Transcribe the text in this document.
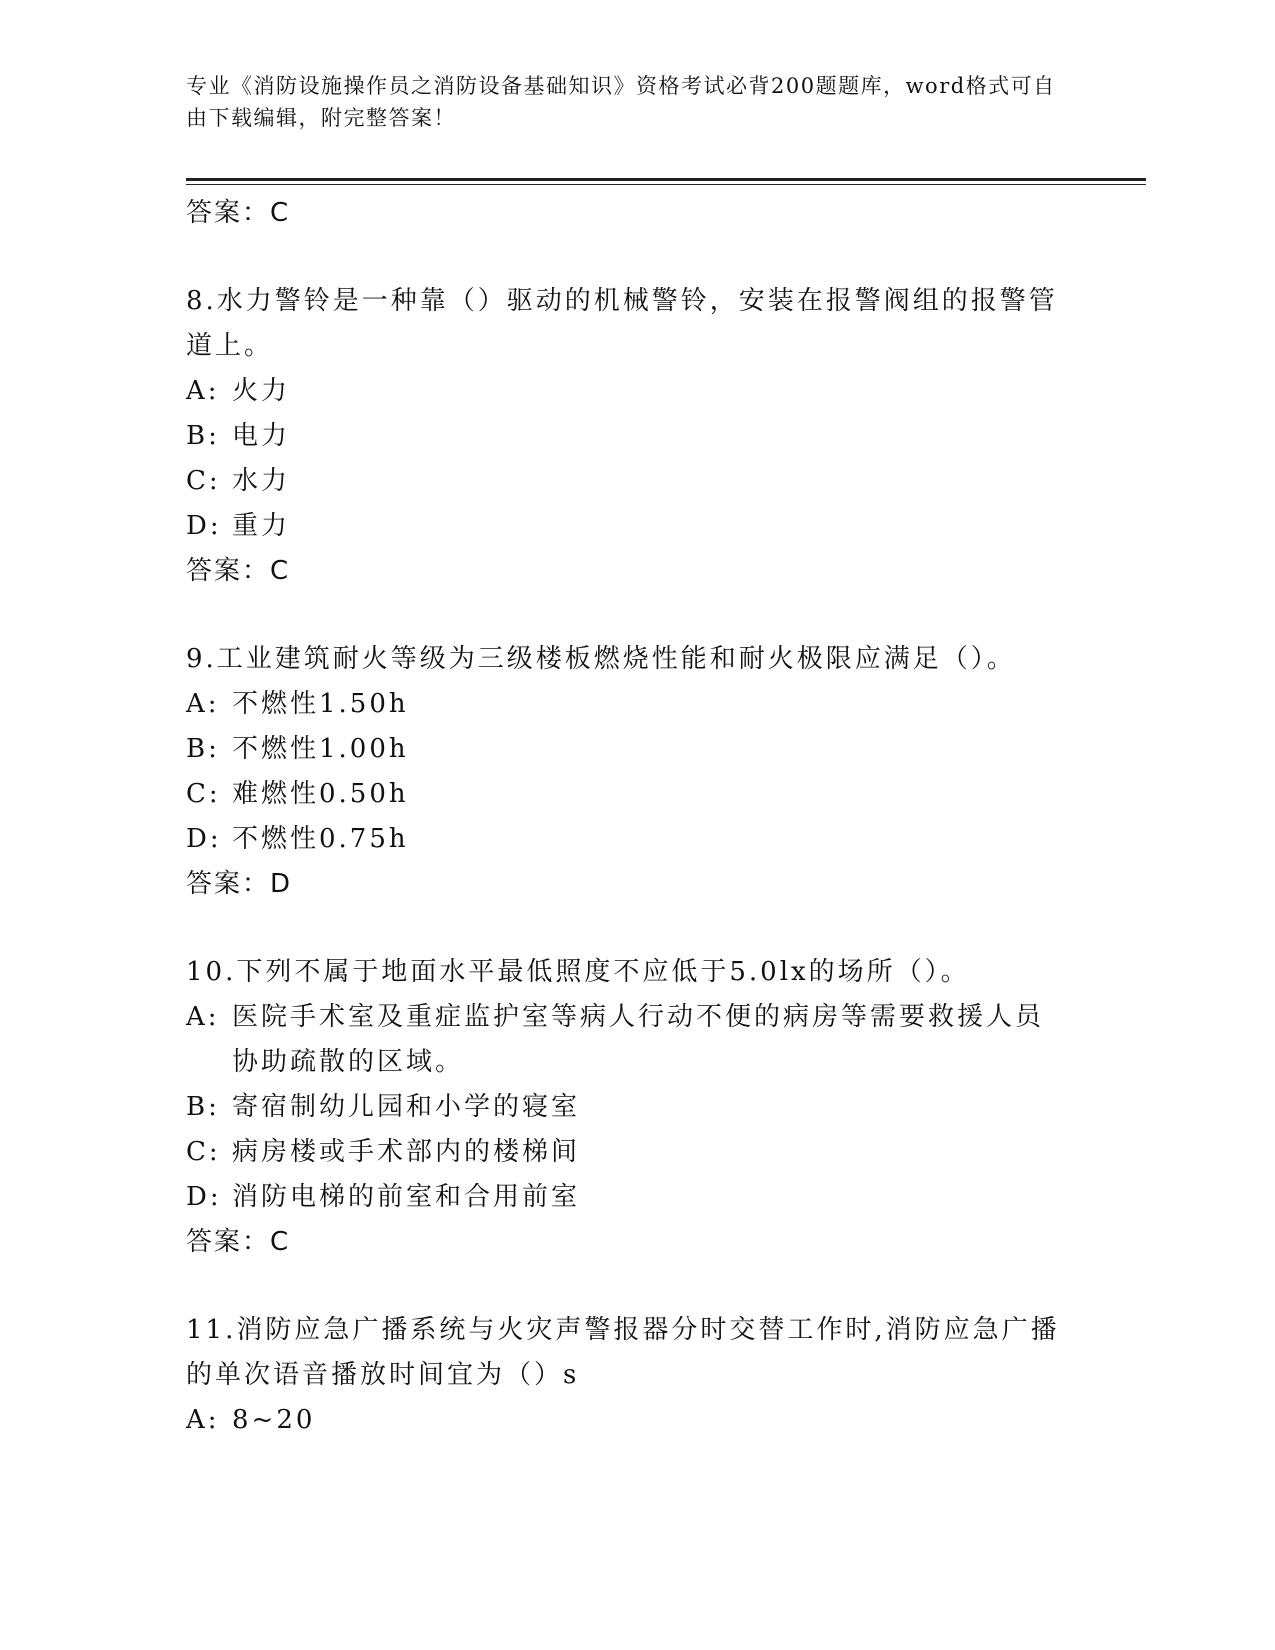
专业《消防设施操作员之消防设备基础知识》资格考试必背200题题库，word格式可自由下载编辑，附完整答案！

答案：C

8.水力警铃是一种靠（）驱动的机械警铃，安装在报警阀组的报警管道上。

A: 火力
B: 电力
C: 水力
D: 重力

答案：C

9.工业建筑耐火等级为三级楼板燃烧性能和耐火极限应满足（）。

A: 不燃性1.50h
B: 不燃性1.00h
C: 难燃性0.50h
D: 不燃性0.75h

答案：D

10.下列不属于地面水平最低照度不应低于5.0lx的场所（）。

A: 医院手术室及重症监护室等病人行动不便的病房等需要救援人员协助疏散的区域。
B: 寄宿制幼儿园和小学的寝室
C: 病房楼或手术部内的楼梯间
D: 消防电梯的前室和合用前室

答案：C

11.消防应急广播系统与火灾声警报器分时交替工作时,消防应急广播的单次语音播放时间宜为（）s

A: 8~20
